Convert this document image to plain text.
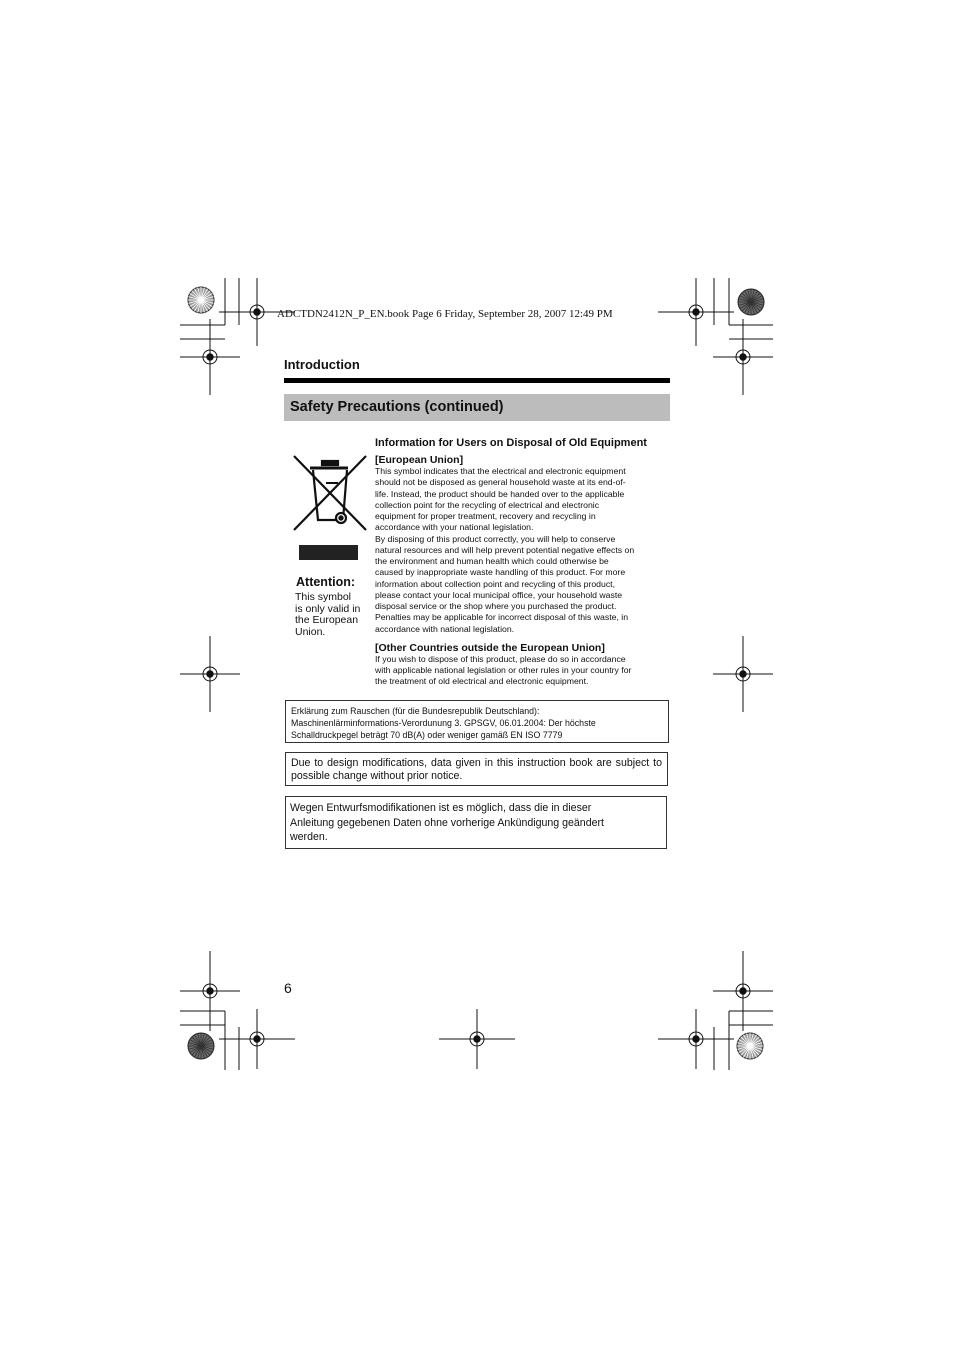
ADCTDN2412N_P_EN.book Page 6 Friday, September 28, 2007 12:49 PM
Introduction
Safety Precautions (continued)
Attention:
This symbol
is only valid in
the European
Union.
Information for Users on Disposal of Old Equipment
[European Union]
This symbol indicates that the electrical and electronic equipment
should not be disposed as general household waste at its end-of-
life. Instead, the product should be handed over to the applicable
collection point for the recycling of electrical and electronic
equipment for proper treatment, recovery and recycling in
accordance with your national legislation.
By disposing of this product correctly, you will help to conserve
natural resources and will help prevent potential negative effects on
the environment and human health which could otherwise be
caused by inappropriate waste handling of this product. For more
information about collection point and recycling of this product,
please contact your local municipal office, your household waste
disposal service or the shop where you purchased the product.
Penalties may be applicable for incorrect disposal of this waste, in
accordance with national legislation.
[Other Countries outside the European Union]
If you wish to dispose of this product, please do so in accordance
with applicable national legislation or other rules in your country for
the treatment of old electrical and electronic equipment.
Erklärung zum Rauschen (für die Bundesrepublik Deutschland):
Maschinenlärminformations-Verordunung 3. GPSGV, 06.01.2004: Der höchste
Schalldruckpegel beträgt 70 dB(A) oder weniger gamäß EN ISO 7779
Due to design modifications, data given in this instruction book are subject to possible change without prior notice.
Wegen Entwurfsmodifikationen ist es möglich, dass die in dieser
Anleitung gegebenen Daten ohne vorherige Ankündigung geändert
werden.
6
